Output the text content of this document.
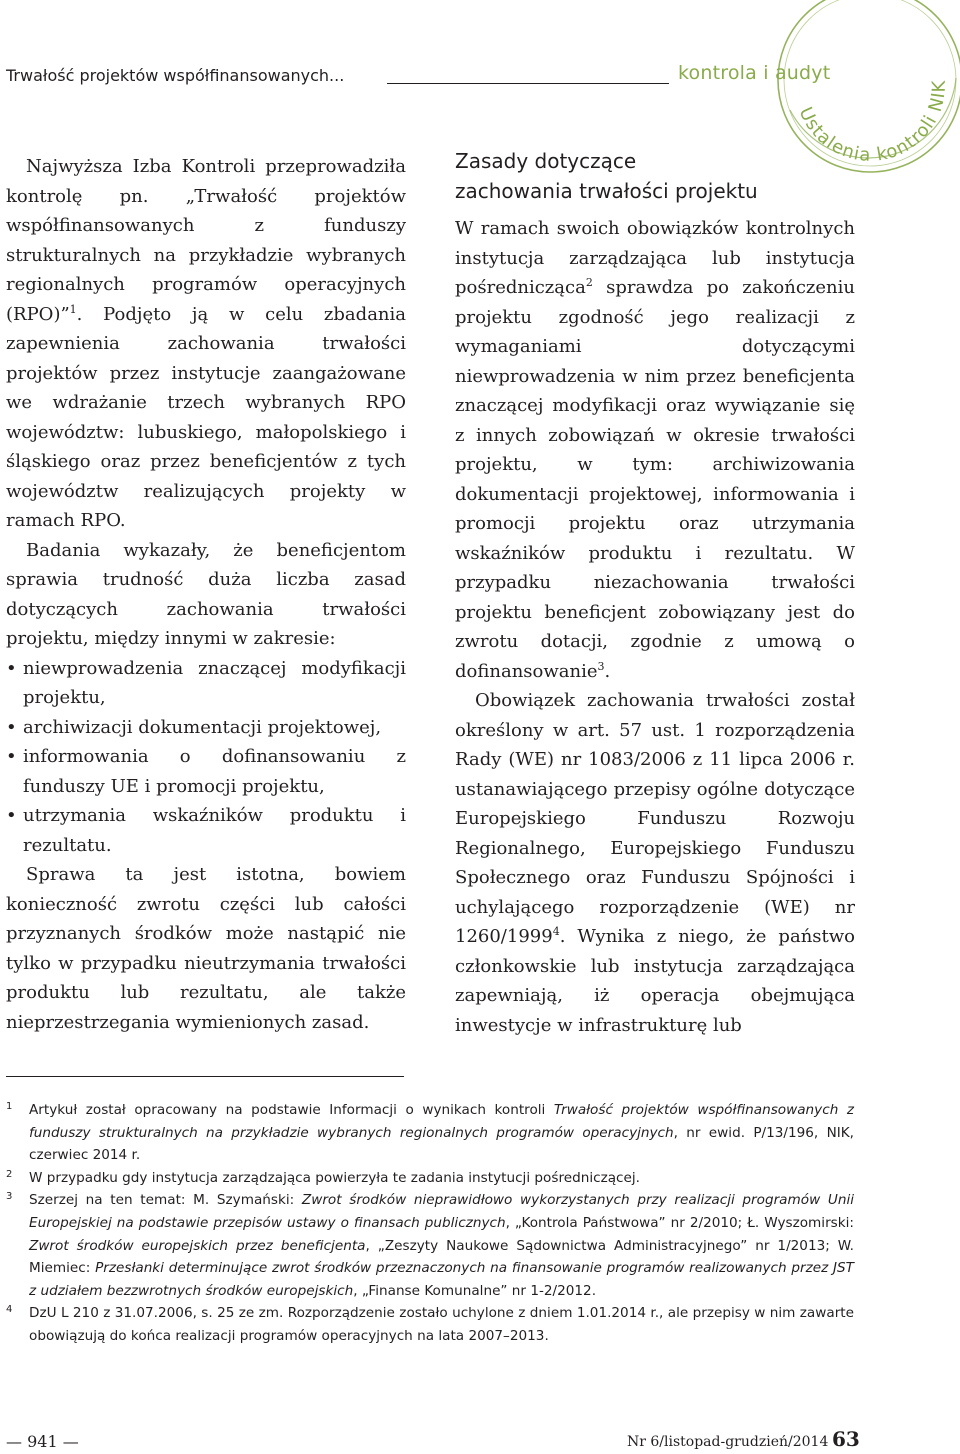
Trwałość projektów współfinansowanych...	kontrola i audyt
Ustalenia kontroli NIK
Zasady dotyczące
zachowania trwałości projektu

Najwyższa Izba Kontroli przeprowadziła kontrolę pn. „Trwałość projektów współfinansowanych z funduszy strukturalnych na przykładzie wybranych regionalnych programów operacyjnych (RPO)”$^1$. Podjęto ją w celu zbadania zapewnienia zachowania trwałości projektów przez instytucje zaangażowane we wdrażanie trzech wybranych RPO województw: lubuskiego, małopolskiego i śląskiego oraz przez beneficjentów z tych województw realizujących projekty w ramach RPO.

Badania wykazały, że beneficjentom sprawia trudność duża liczba zasad dotyczących zachowania trwałości projektu, między innymi w zakresie:

• niewprowadzenia znaczącej modyfikacji projektu,
• archiwizacji dokumentacji projektowej,
• informowania o dofinansowaniu z funduszy UE i promocji projektu,
• utrzymania wskaźników produktu i rezultatu.

Sprawa ta jest istotna, bowiem konieczność zwrotu części lub całości przyznanych środków może nastąpić nie tylko w przypadku nieutrzymania trwałości produktu lub rezultatu, ale także nieprzestrzegania wymienionych zasad.

W ramach swoich obowiązków kontrolnych instytucja zarządzająca lub instytucja pośrednicząca$^2$ sprawdza po zakończeniu projektu zgodność jego realizacji z wymaganiami dotyczącymi niewprowadzenia w nim przez beneficjenta znaczącej modyfikacji oraz wywiązanie się z innych zobowiązań w okresie trwałości projektu, w tym: archiwizowania dokumentacji projektowej, informowania i promocji projektu oraz utrzymania wskaźników produktu i rezultatu. W przypadku niezachowania trwałości projektu beneficjent zobowiązany jest do zwrotu dotacji, zgodnie z umową o dofinansowanie$^3$.

Obowiązek zachowania trwałości został określony w art. 57 ust. 1 rozporządzenia Rady (WE) nr 1083/2006 z 11 lipca 2006 r. ustanawiającego przepisy ogólne dotyczące Europejskiego Funduszu Rozwoju Regionalnego, Europejskiego Funduszu Społecznego oraz Funduszu Spójności i uchylającego rozporządzenie (WE) nr 1260/1999$^4$. Wynika z niego, że państwo członkowskie lub instytucja zarządzająca zapewniają, iż operacja obejmująca inwestycje w infrastrukturę lub

1 Artykuł został opracowany na podstawie Informacji o wynikach kontroli Trwałość projektów współfinansowanych z funduszy strukturalnych na przykładzie wybranych regionalnych programów operacyjnych, nr ewid. P/13/196, NIK, czerwiec 2014 r.
2 W przypadku gdy instytucja zarządzająca powierzyła te zadania instytucji pośredniczącej.
3 Szerzej na ten temat: M. Szymański: Zwrot środków nieprawidłowo wykorzystanych przy realizacji programów Unii Europejskiej na podstawie przepisów ustawy o finansach publicznych, „Kontrola Państwowa” nr 2/2010; Ł. Wyszomirski: Zwrot środków europejskich przez beneficjenta, „Zeszyty Naukowe Sądownictwa Administracyjnego” nr 1/2013; W. Miemiec: Przesłanki determinujące zwrot środków przeznaczonych na finansowanie programów realizowanych przez JST z udziałem bezzwrotnych środków europejskich, „Finanse Komunalne” nr 1-2/2012.
4 DzU L 210 z 31.07.2006, s. 25 ze zm. Rozporządzenie zostało uchylone z dniem 1.01.2014 r., ale przepisy w nim zawarte obowiązują do końca realizacji programów operacyjnych na lata 2007–2013.
— 941 —	Nr 6/listopad-grudzień/2014 63
